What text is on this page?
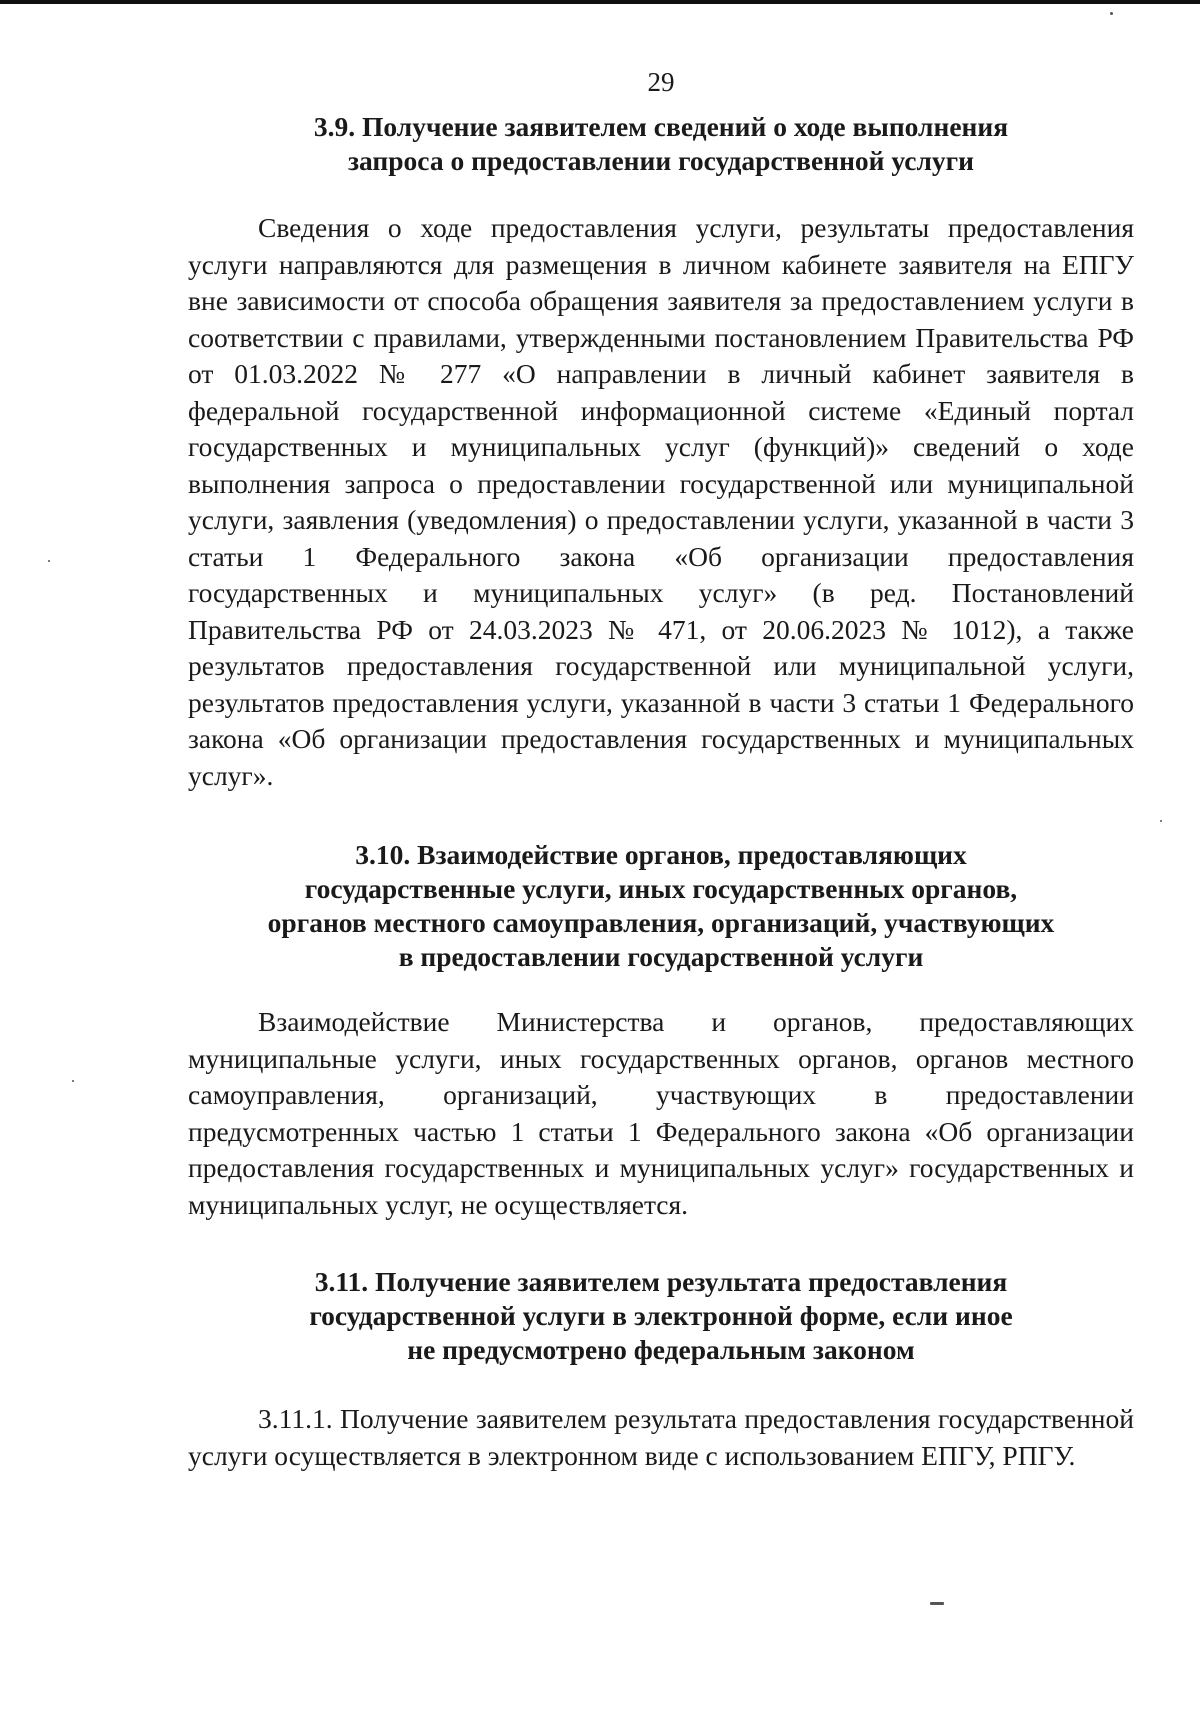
29
3.9. Получение заявителем сведений о ходе выполнения
запроса о предоставлении государственной услуги

Сведения о ходе предоставления услуги, результаты предоставления услуги направляются для размещения в личном кабинете заявителя на ЕПГУ вне зависимости от способа обращения заявителя за предоставлением услуги в соответствии с правилами, утвержденными постановлением Правительства РФ от 01.03.2022 № 277 «О направлении в личный кабинет заявителя в федеральной государственной информационной системе «Единый портал государственных и муниципальных услуг (функций)» сведений о ходе выполнения запроса о предоставлении государственной или муниципальной услуги, заявления (уведомления) о предоставлении услуги, указанной в части 3 статьи 1 Федерального закона «Об организации предоставления государственных и муниципальных услуг» (в ред. Постановлений Правительства РФ от 24.03.2023 № 471, от 20.06.2023 № 1012), а также результатов предоставления государственной или муниципальной услуги, результатов предоставления услуги, указанной в части 3 статьи 1 Федерального закона «Об организации предоставления государственных и муниципальных услуг».

3.10. Взаимодействие органов, предоставляющих
государственные услуги, иных государственных органов,
органов местного самоуправления, организаций, участвующих
в предоставлении государственной услуги

Взаимодействие Министерства и органов, предоставляющих муниципальные услуги, иных государственных органов, органов местного самоуправления, организаций, участвующих в предоставлении предусмотренных частью 1 статьи 1 Федерального закона «Об организации предоставления государственных и муниципальных услуг» государственных и муниципальных услуг, не осуществляется.

3.11. Получение заявителем результата предоставления
государственной услуги в электронной форме, если иное
не предусмотрено федеральным законом

3.11.1. Получение заявителем результата предоставления государственной услуги осуществляется в электронном виде с использованием ЕПГУ, РПГУ.
